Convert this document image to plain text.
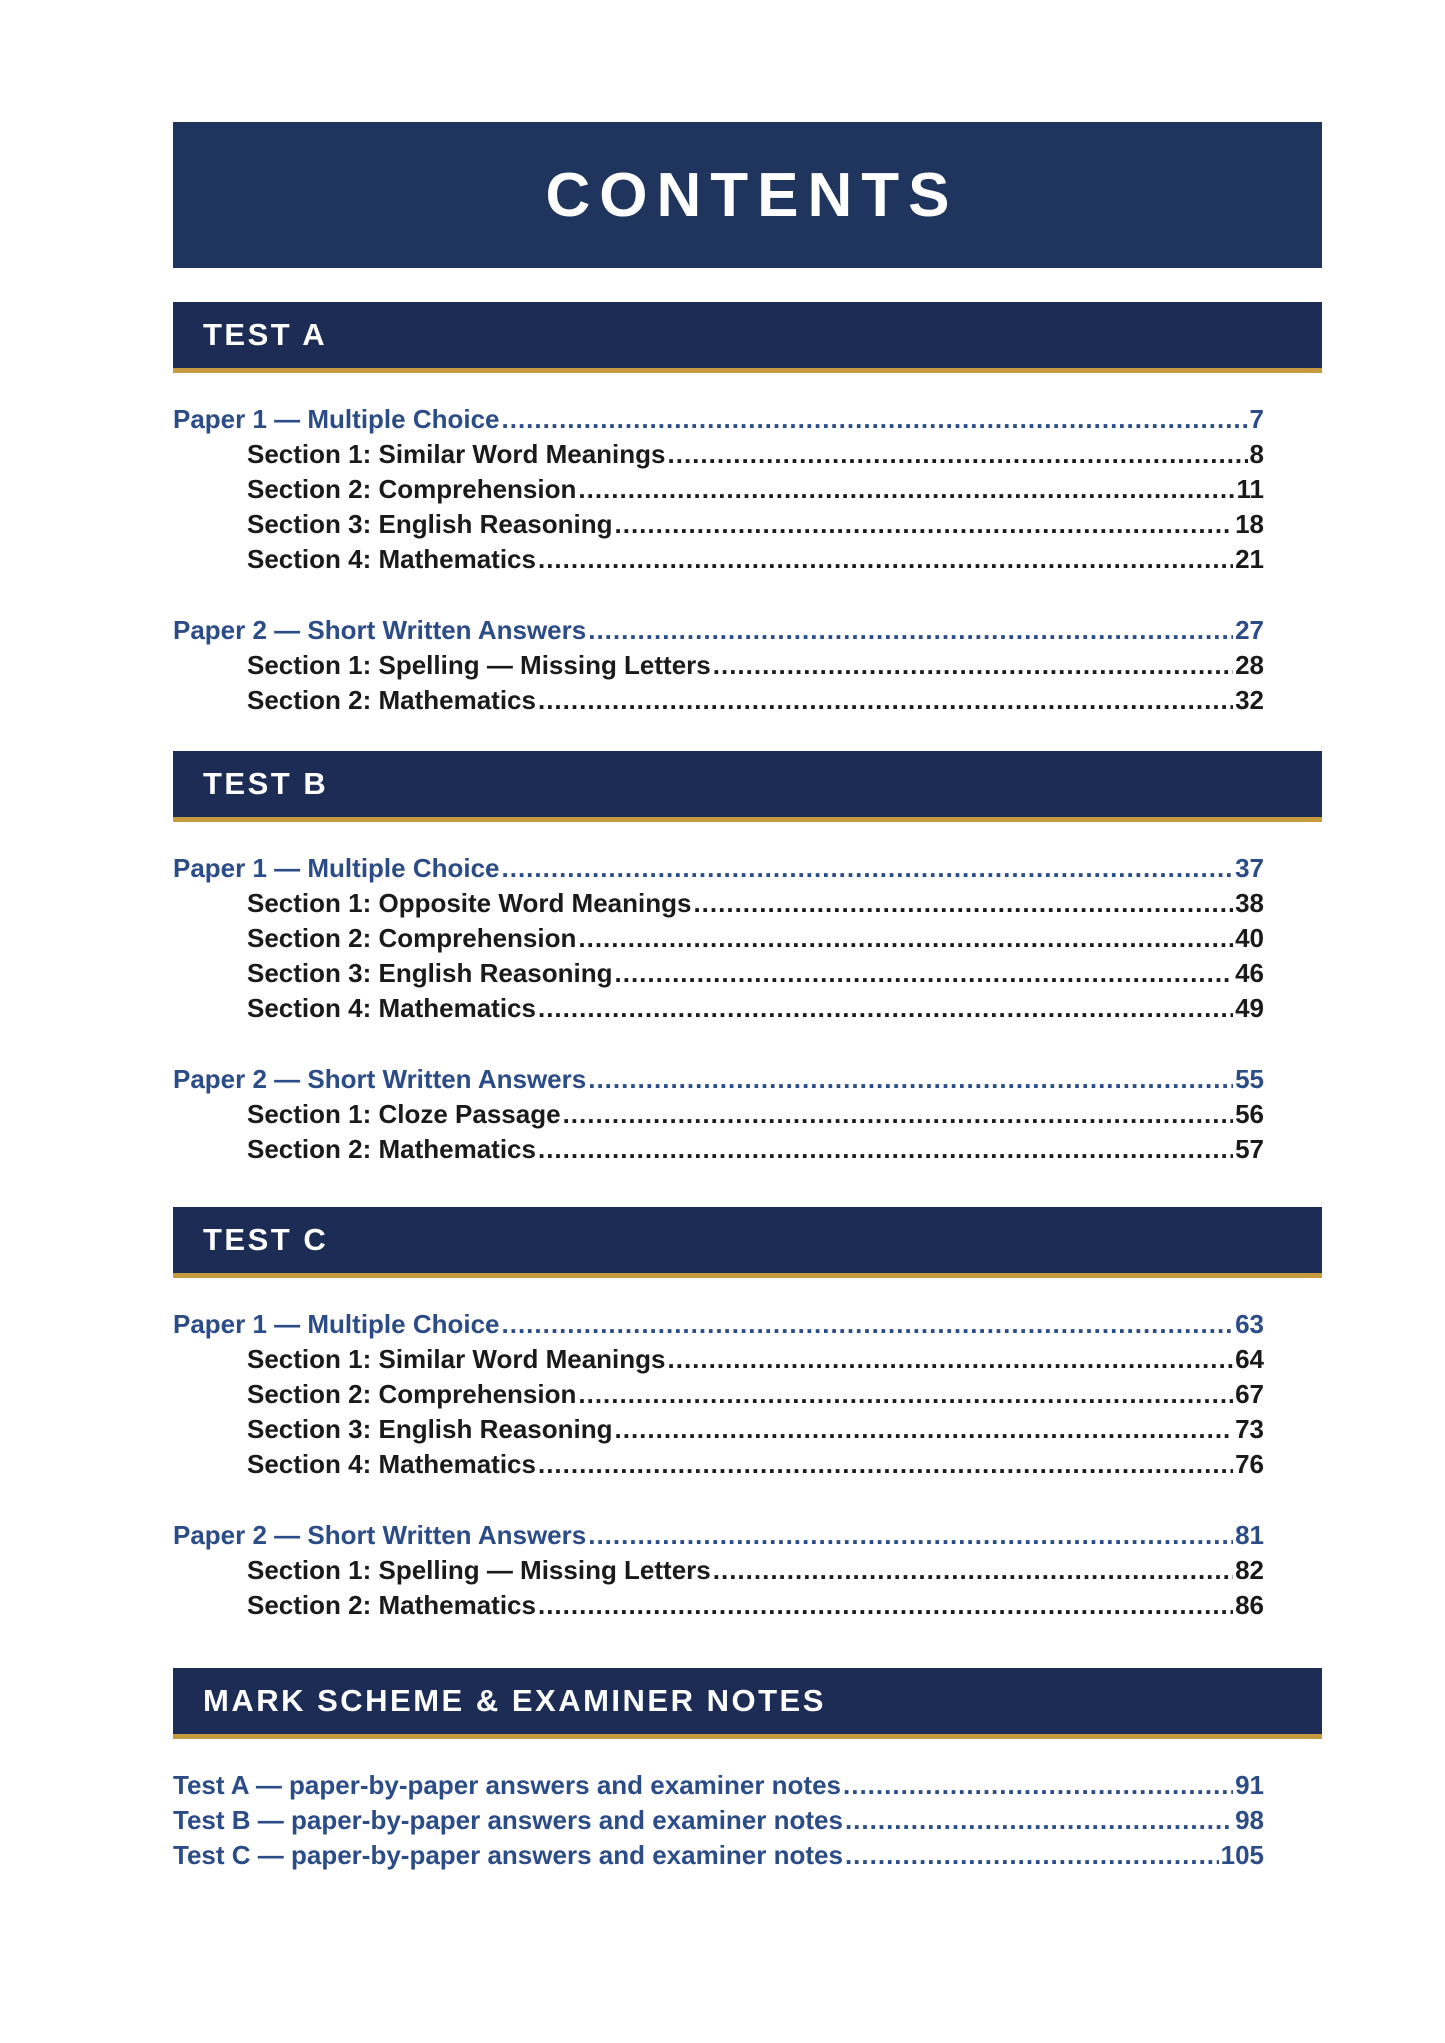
CONTENTS
TEST A
Paper 1 — Multiple Choice .....	7
Section 1: Similar Word Meanings .....	8
Section 2: Comprehension .....	11
Section 3: English Reasoning .....	18
Section 4: Mathematics .....	21
Paper 2 — Short Written Answers .....	27
Section 1: Spelling — Missing Letters .....	28
Section 2: Mathematics .....	32
TEST B
Paper 1 — Multiple Choice .....	37
Section 1: Opposite Word Meanings .....	38
Section 2: Comprehension .....	40
Section 3: English Reasoning .....	46
Section 4: Mathematics .....	49
Paper 2 — Short Written Answers .....	55
Section 1: Cloze Passage .....	56
Section 2: Mathematics .....	57
TEST C
Paper 1 — Multiple Choice .....	63
Section 1: Similar Word Meanings .....	64
Section 2: Comprehension .....	67
Section 3: English Reasoning .....	73
Section 4: Mathematics .....	76
Paper 2 — Short Written Answers .....	81
Section 1: Spelling — Missing Letters .....	82
Section 2: Mathematics .....	86
MARK SCHEME & EXAMINER NOTES
Test A — paper-by-paper answers and examiner notes .....	91
Test B — paper-by-paper answers and examiner notes .....	98
Test C — paper-by-paper answers and examiner notes .....	105
